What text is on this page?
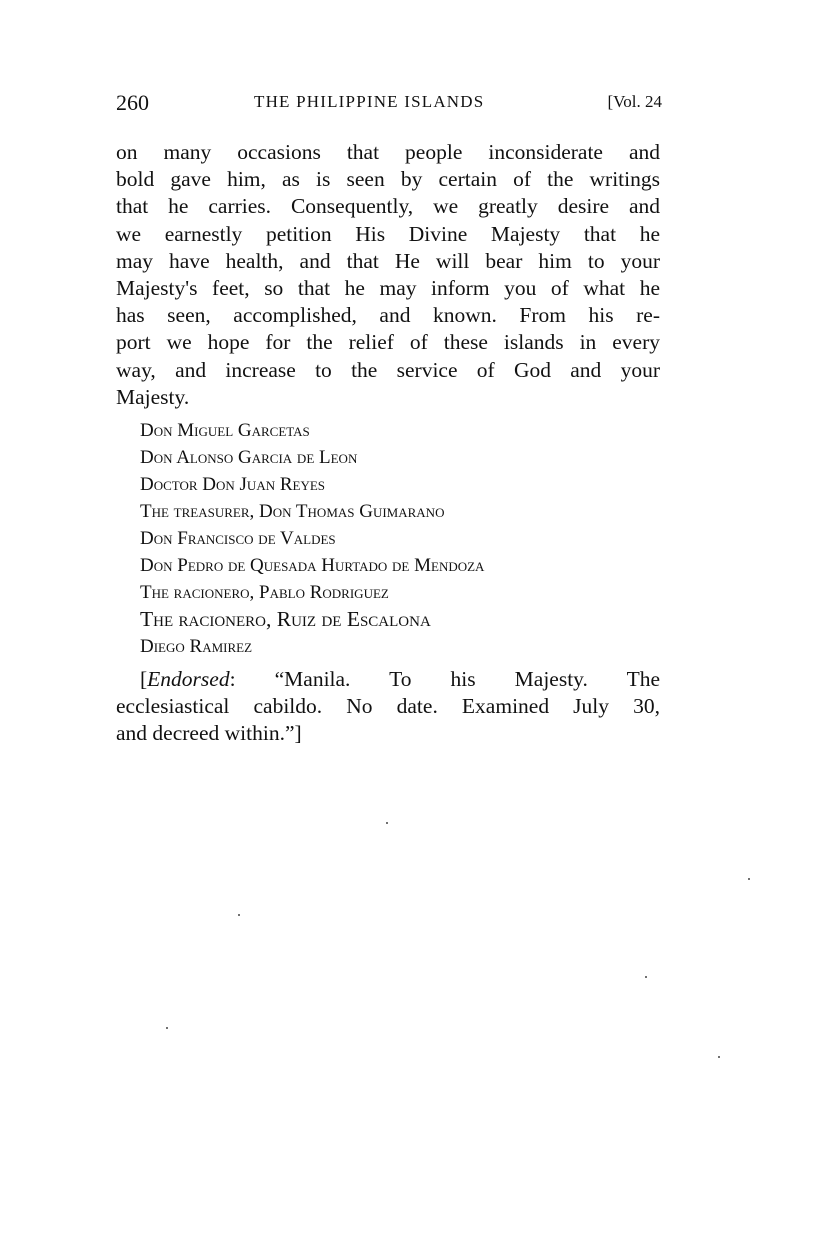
260	THE PHILIPPINE ISLANDS	[Vol. 24
on many occasions that people inconsiderate and
bold gave him, as is seen by certain of the writings
that he carries. Consequently, we greatly desire and
we earnestly petition His Divine Majesty that he
may have health, and that He will bear him to your
Majesty's feet, so that he may inform you of what he
has seen, accomplished, and known. From his re-
port we hope for the relief of these islands in every
way, and increase to the service of God and your
Majesty.
Don Miguel Garcetas
Don Alonso Garcia de Leon
Doctor Don Juan Reyes
The treasurer, Don Thomas Guimarano
Don Francisco de Valdes
Don Pedro de Quesada Hurtado de Mendoza
The racionero, Pablo Rodriguez
The racionero, Ruiz de Escalona
Diego Ramirez
[Endorsed: “Manila. To his Majesty. The
ecclesiastical cabildo. No date. Examined July 30,
and decreed within.”]
